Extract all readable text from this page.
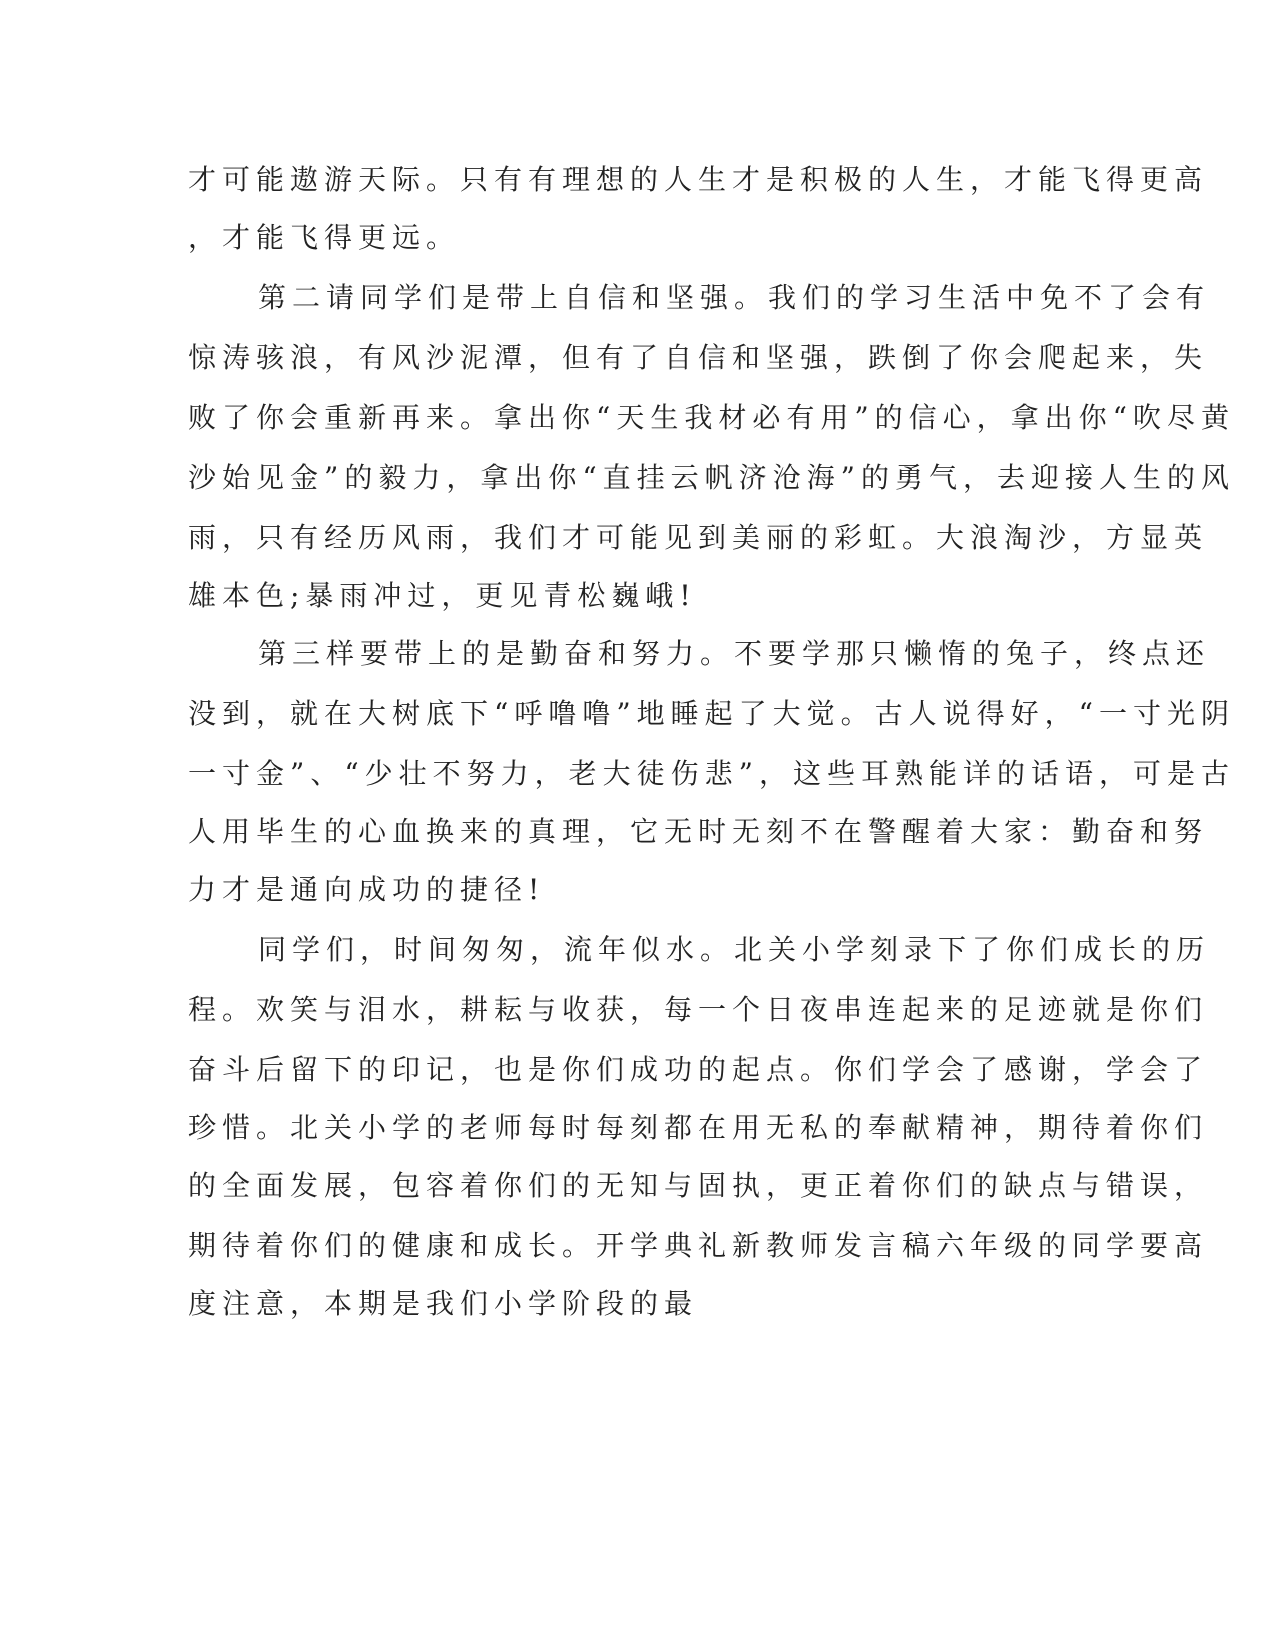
才可能遨游天际。只有有理想的人生才是积极的人生，才能飞得更高
，才能飞得更远。
第二请同学们是带上自信和坚强。我们的学习生活中免不了会有
惊涛骇浪，有风沙泥潭，但有了自信和坚强，跌倒了你会爬起来，失
败了你会重新再来。拿出你“天生我材必有用”的信心，拿出你“吹尽黄
沙始见金”的毅力，拿出你“直挂云帆济沧海”的勇气，去迎接人生的风
雨，只有经历风雨，我们才可能见到美丽的彩虹。大浪淘沙，方显英
雄本色;暴雨冲过，更见青松巍峨!
第三样要带上的是勤奋和努力。不要学那只懒惰的兔子，终点还
没到，就在大树底下“呼噜噜”地睡起了大觉。古人说得好，“一寸光阴
一寸金”、“少壮不努力，老大徒伤悲”，这些耳熟能详的话语，可是古
人用毕生的心血换来的真理，它无时无刻不在警醒着大家：勤奋和努
力才是通向成功的捷径!
同学们，时间匆匆，流年似水。北关小学刻录下了你们成长的历
程。欢笑与泪水，耕耘与收获，每一个日夜串连起来的足迹就是你们
奋斗后留下的印记，也是你们成功的起点。你们学会了感谢，学会了
珍惜。北关小学的老师每时每刻都在用无私的奉献精神，期待着你们
的全面发展，包容着你们的无知与固执，更正着你们的缺点与错误，
期待着你们的健康和成长。开学典礼新教师发言稿六年级的同学要高
度注意，本期是我们小学阶段的最
